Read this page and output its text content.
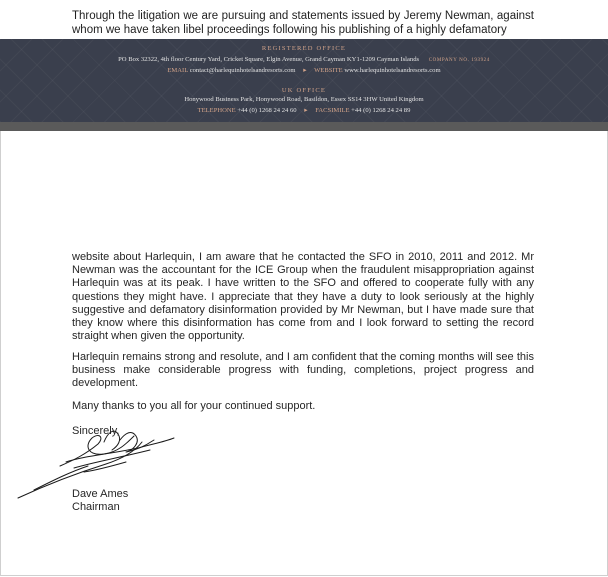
Through the litigation we are pursuing and statements issued by Jeremy Newman, against whom we have taken libel proceedings following his publishing of a highly defamatory

REGISTERED OFFICE
PO Box 32322, 4th floor Century Yard, Cricket Square, Elgin Avenue, Grand Cayman KY1-1209 Cayman Islands COMPANY NO. 193924
EMAIL contact@harlequinhotelsandresorts.com ▸ WEBSITE www.harlequinhotelsandresorts.com
UK OFFICE
Honywood Business Park, Honywood Road, Basildon, Essex SS14 3HW United Kingdom
TELEPHONE +44 (0) 1268 24 24 60 ▸ FACSIMILE +44 (0) 1268 24 24 89

website about Harlequin, I am aware that he contacted the SFO in 2010, 2011 and 2012. Mr Newman was the accountant for the ICE Group when the fraudulent misappropriation against Harlequin was at its peak. I have written to the SFO and offered to cooperate fully with any questions they might have. I appreciate that they have a duty to look seriously at the highly suggestive and defamatory disinformation provided by Mr Newman, but I have made sure that they know where this disinformation has come from and I look forward to setting the record straight when given the opportunity.

Harlequin remains strong and resolute, and I am confident that the coming months will see this business make considerable progress with funding, completions, project progress and development.

Many thanks to you all for your continued support.

Sincerely,

Dave Ames

Chairman
